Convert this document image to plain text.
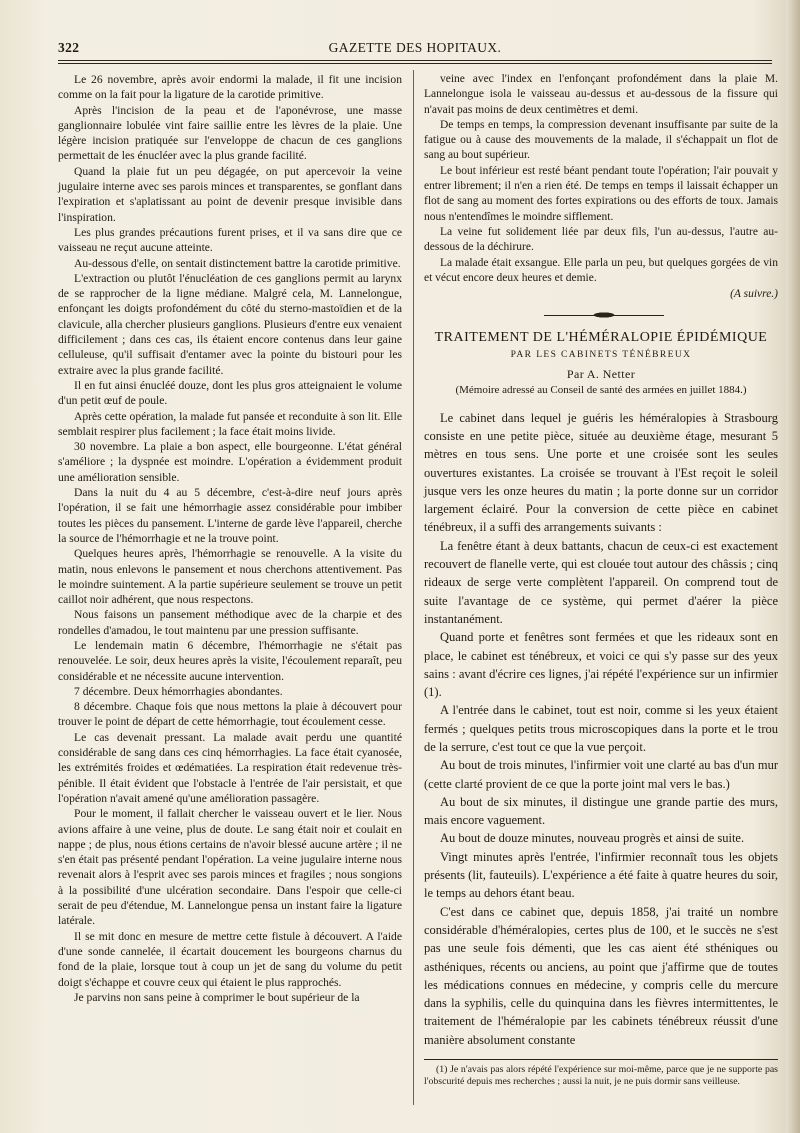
322	GAZETTE DES HOPITAUX.

Le 26 novembre, après avoir endormi la malade, il fit une incision comme on la fait pour la ligature de la carotide primitive.

Après l'incision de la peau et de l'aponévrose, une masse ganglionnaire lobulée vint faire saillie entre les lèvres de la plaie. Une légère incision pratiquée sur l'enveloppe de chacun de ces ganglions permettait de les énucléer avec la plus grande facilité.

Quand la plaie fut un peu dégagée, on put apercevoir la veine jugulaire interne avec ses parois minces et transparentes, se gonflant dans l'expiration et s'aplatissant au point de devenir presque invisible dans l'inspiration.

Les plus grandes précautions furent prises, et il va sans dire que ce vaisseau ne reçut aucune atteinte.

Au-dessous d'elle, on sentait distinctement battre la carotide primitive.

L'extraction ou plutôt l'énucléation de ces ganglions permit au larynx de se rapprocher de la ligne médiane. Malgré cela, M. Lannelongue, enfonçant les doigts profondément du côté du sterno-mastoïdien et de la clavicule, alla chercher plusieurs ganglions. Plusieurs d'entre eux venaient difficilement ; dans ces cas, ils étaient encore contenus dans leur gaine celluleuse, qu'il suffisait d'entamer avec la pointe du bistouri pour les extraire avec la plus grande facilité.

Il en fut ainsi énucléé douze, dont les plus gros atteignaient le volume d'un petit œuf de poule.

Après cette opération, la malade fut pansée et reconduite à son lit. Elle semblait respirer plus facilement ; la face était moins livide.

30 novembre. La plaie a bon aspect, elle bourgeonne. L'état général s'améliore ; la dyspnée est moindre. L'opération a évidemment produit une amélioration sensible.

Dans la nuit du 4 au 5 décembre, c'est-à-dire neuf jours après l'opération, il se fait une hémorrhagie assez considérable pour imbiber toutes les pièces du pansement. L'interne de garde lève l'appareil, cherche la source de l'hémorrhagie et ne la trouve point.

Quelques heures après, l'hémorrhagie se renouvelle. A la visite du matin, nous enlevons le pansement et nous cherchons attentivement. Pas le moindre suintement. A la partie supérieure seulement se trouve un petit caillot noir adhérent, que nous respectons.

Nous faisons un pansement méthodique avec de la charpie et des rondelles d'amadou, le tout maintenu par une pression suffisante.

Le lendemain matin 6 décembre, l'hémorrhagie ne s'était pas renouvelée. Le soir, deux heures après la visite, l'écoulement reparaît, peu considérable et ne nécessite aucune intervention.

7 décembre. Deux hémorrhagies abondantes.

8 décembre. Chaque fois que nous mettons la plaie à découvert pour trouver le point de départ de cette hémorrhagie, tout écoulement cesse.

Le cas devenait pressant. La malade avait perdu une quantité considérable de sang dans ces cinq hémorrhagies. La face était cyanosée, les extrémités froides et œdématiées. La respiration était redevenue très-pénible. Il était évident que l'obstacle à l'entrée de l'air persistait, et que l'opération n'avait amené qu'une amélioration passagère.

Pour le moment, il fallait chercher le vaisseau ouvert et le lier. Nous avions affaire à une veine, plus de doute. Le sang était noir et coulait en nappe ; de plus, nous étions certains de n'avoir blessé aucune artère ; il ne s'en était pas présenté pendant l'opération. La veine jugulaire interne nous revenait alors à l'esprit avec ses parois minces et fragiles ; nous songions à la possibilité d'une ulcération secondaire. Dans l'espoir que celle-ci serait de peu d'étendue, M. Lannelongue pensa un instant faire la ligature latérale.

Il se mit donc en mesure de mettre cette fistule à découvert. A l'aide d'une sonde cannelée, il écartait doucement les bourgeons charnus du fond de la plaie, lorsque tout à coup un jet de sang du volume du petit doigt s'échappe et couvre ceux qui étaient le plus rapprochés.

Je parvins non sans peine à comprimer le bout supérieur de la

veine avec l'index en l'enfonçant profondément dans la plaie M. Lannelongue isola le vaisseau au-dessus et au-dessous de la fissure qui n'avait pas moins de deux centimètres et demi.

De temps en temps, la compression devenant insuffisante par suite de la fatigue ou à cause des mouvements de la malade, il s'échappait un flot de sang au bout supérieur.

Le bout inférieur est resté béant pendant toute l'opération; l'air pouvait y entrer librement; il n'en a rien été. De temps en temps il laissait échapper un flot de sang au moment des fortes expirations ou des efforts de toux. Jamais nous n'entendîmes le moindre sifflement.

La veine fut solidement liée par deux fils, l'un au-dessus, l'autre au-dessous de la déchirure.

La malade était exsangue. Elle parla un peu, but quelques gorgées de vin et vécut encore deux heures et demie.

(A suivre.)

TRAITEMENT DE L'HÉMÉRALOPIE ÉPIDÉMIQUE

PAR LES CABINETS TÉNÉBREUX

Par A. Netter

(Mémoire adressé au Conseil de santé des armées en juillet 1884.)

Le cabinet dans lequel je guéris les héméralopies à Strasbourg consiste en une petite pièce, située au deuxième étage, mesurant 5 mètres en tous sens. Une porte et une croisée sont les seules ouvertures existantes. La croisée se trouvant à l'Est reçoit le soleil jusque vers les onze heures du matin ; la porte donne sur un corridor largement éclairé. Pour la conversion de cette pièce en cabinet ténébreux, il a suffi des arrangements suivants :

La fenêtre étant à deux battants, chacun de ceux-ci est exactement recouvert de flanelle verte, qui est clouée tout autour des châssis ; cinq rideaux de serge verte complètent l'appareil. On comprend tout de suite l'avantage de ce système, qui permet d'aérer la pièce instantanément.

Quand porte et fenêtres sont fermées et que les rideaux sont en place, le cabinet est ténébreux, et voici ce qui s'y passe sur des yeux sains : avant d'écrire ces lignes, j'ai répété l'expérience sur un infirmier (1).

A l'entrée dans le cabinet, tout est noir, comme si les yeux étaient fermés ; quelques petits trous microscopiques dans la porte et le trou de la serrure, c'est tout ce que la vue perçoit.

Au bout de trois minutes, l'infirmier voit une clarté au bas d'un mur (cette clarté provient de ce que la porte joint mal vers le bas.)

Au bout de six minutes, il distingue une grande partie des murs, mais encore vaguement.

Au bout de douze minutes, nouveau progrès et ainsi de suite.

Vingt minutes après l'entrée, l'infirmier reconnaît tous les objets présents (lit, fauteuils). L'expérience a été faite à quatre heures du soir, le temps au dehors étant beau.

C'est dans ce cabinet que, depuis 1858, j'ai traité un nombre considérable d'héméralopies, certes plus de 100, et le succès ne s'est pas une seule fois démenti, que les cas aient été sthéniques ou asthéniques, récents ou anciens, au point que j'affirme que de toutes les médications connues en médecine, y compris celle du mercure dans la syphilis, celle du quinquina dans les fièvres intermittentes, le traitement de l'héméralopie par les cabinets ténébreux réussit d'une manière absolument constante

(1) Je n'avais pas alors répété l'expérience sur moi-même, parce que je ne supporte pas l'obscurité depuis mes recherches ; aussi la nuit, je ne puis dormir sans veilleuse.
